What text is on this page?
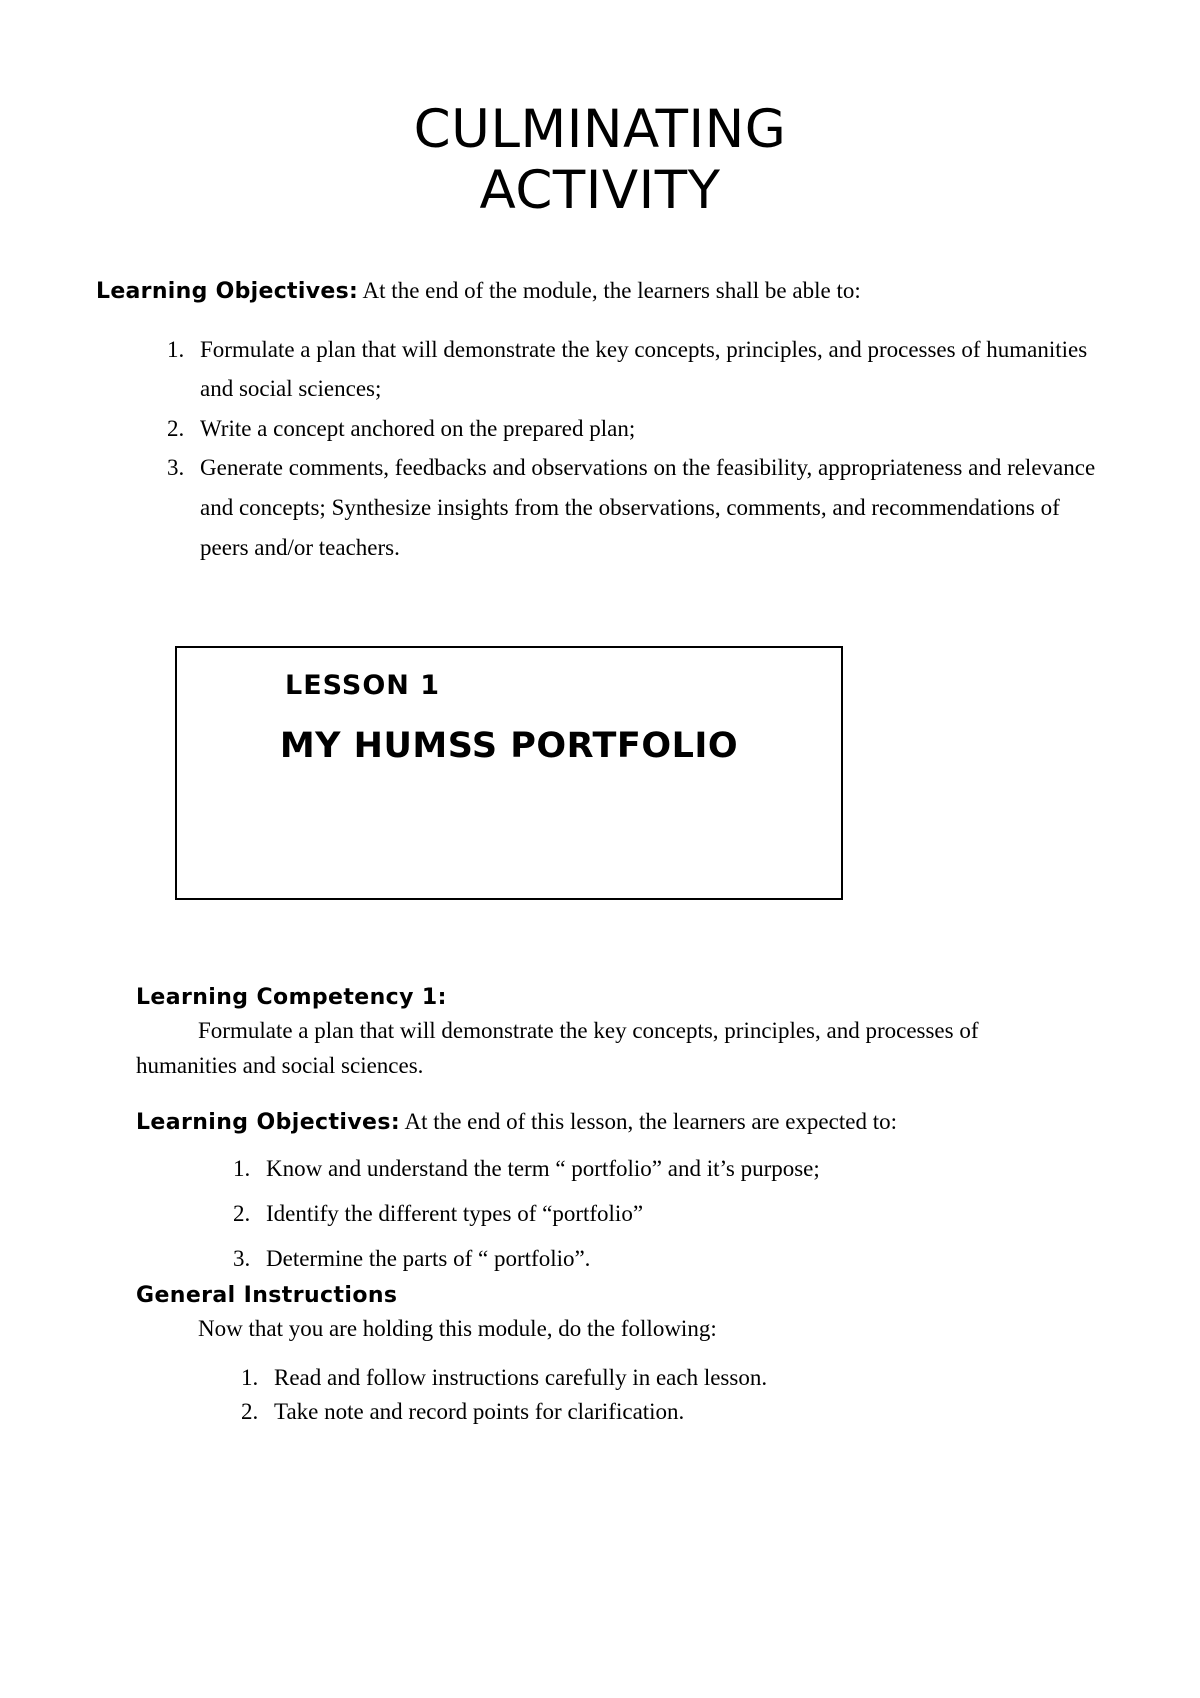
CULMINATING
ACTIVITY

Learning Objectives: At the end of the module, the learners shall be able to:

1. Formulate a plan that will demonstrate the key concepts, principles, and processes of humanities and social sciences;
2. Write a concept anchored on the prepared plan;
3. Generate comments, feedbacks and observations on the feasibility, appropriateness and relevance and concepts; Synthesize insights from the observations, comments, and recommendations of peers and/or teachers.
LESSON 1
MY HUMSS PORTFOLIO
Learning Competency 1:
Formulate a plan that will demonstrate the key concepts, principles, and processes of humanities and social sciences.
Learning Objectives: At the end of this lesson, the learners are expected to:
1. Know and understand the term “ portfolio” and it’s purpose;
2. Identify the different types of “portfolio”
3. Determine the parts of “ portfolio”.
General Instructions
Now that you are holding this module, do the following:
1. Read and follow instructions carefully in each lesson.
2. Take note and record points for clarification.
